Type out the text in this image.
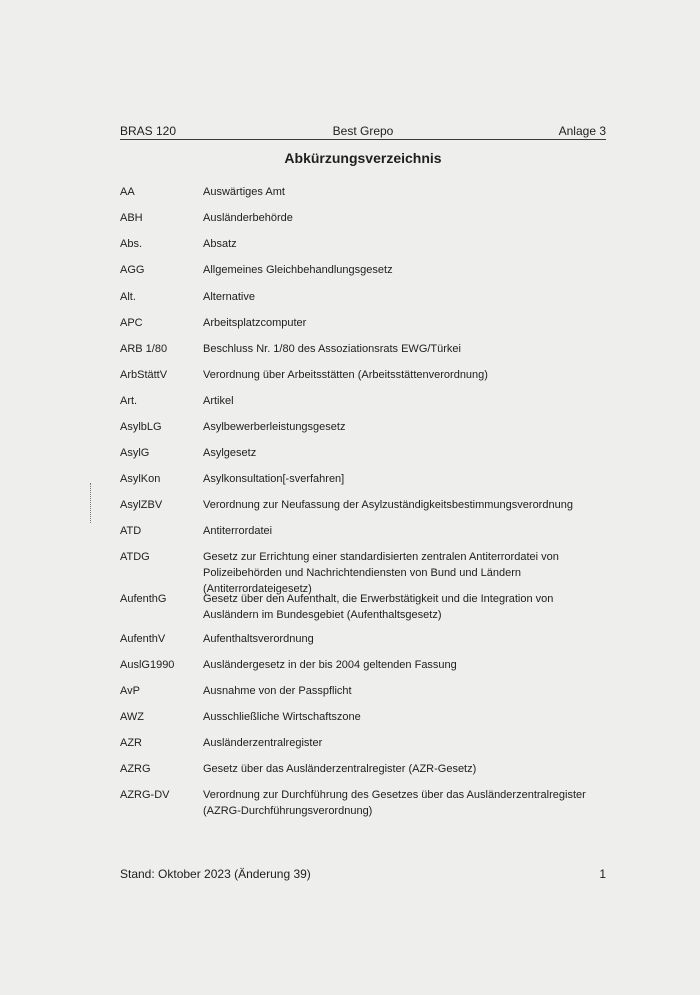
BRAS 120	Best Grepo	Anlage 3
Abkürzungsverzeichnis
AA	Auswärtiges Amt
ABH	Ausländerbehörde
Abs.	Absatz
AGG	Allgemeines Gleichbehandlungsgesetz
Alt.	Alternative
APC	Arbeitsplatzcomputer
ARB 1/80	Beschluss Nr. 1/80 des Assoziationsrats EWG/Türkei
ArbStättV	Verordnung über Arbeitsstätten (Arbeitsstättenverordnung)
Art.	Artikel
AsylbLG	Asylbewerberleistungsgesetz
AsylG	Asylgesetz
AsylKon	Asylkonsultation[-sverfahren]
AsylZBV	Verordnung zur Neufassung der Asylzuständigkeitsbestimmungsverordnung
ATD	Antiterrordatei
ATDG	Gesetz zur Errichtung einer standardisierten zentralen Antiterrordatei von Polizeibehörden und Nachrichtendiensten von Bund und Ländern (Antiterrordateigesetz)
AufenthG	Gesetz über den Aufenthalt, die Erwerbstätigkeit und die Integration von Ausländern im Bundesgebiet (Aufenthaltsgesetz)
AufenthV	Aufenthaltsverordnung
AuslG1990	Ausländergesetz in der bis 2004 geltenden Fassung
AvP	Ausnahme von der Passpflicht
AWZ	Ausschließliche Wirtschaftszone
AZR	Ausländerzentralregister
AZRG	Gesetz über das Ausländerzentralregister (AZR-Gesetz)
AZRG-DV	Verordnung zur Durchführung des Gesetzes über das Ausländerzentralregister (AZRG-Durchführungsverordnung)
Stand: Oktober 2023 (Änderung 39)	1
